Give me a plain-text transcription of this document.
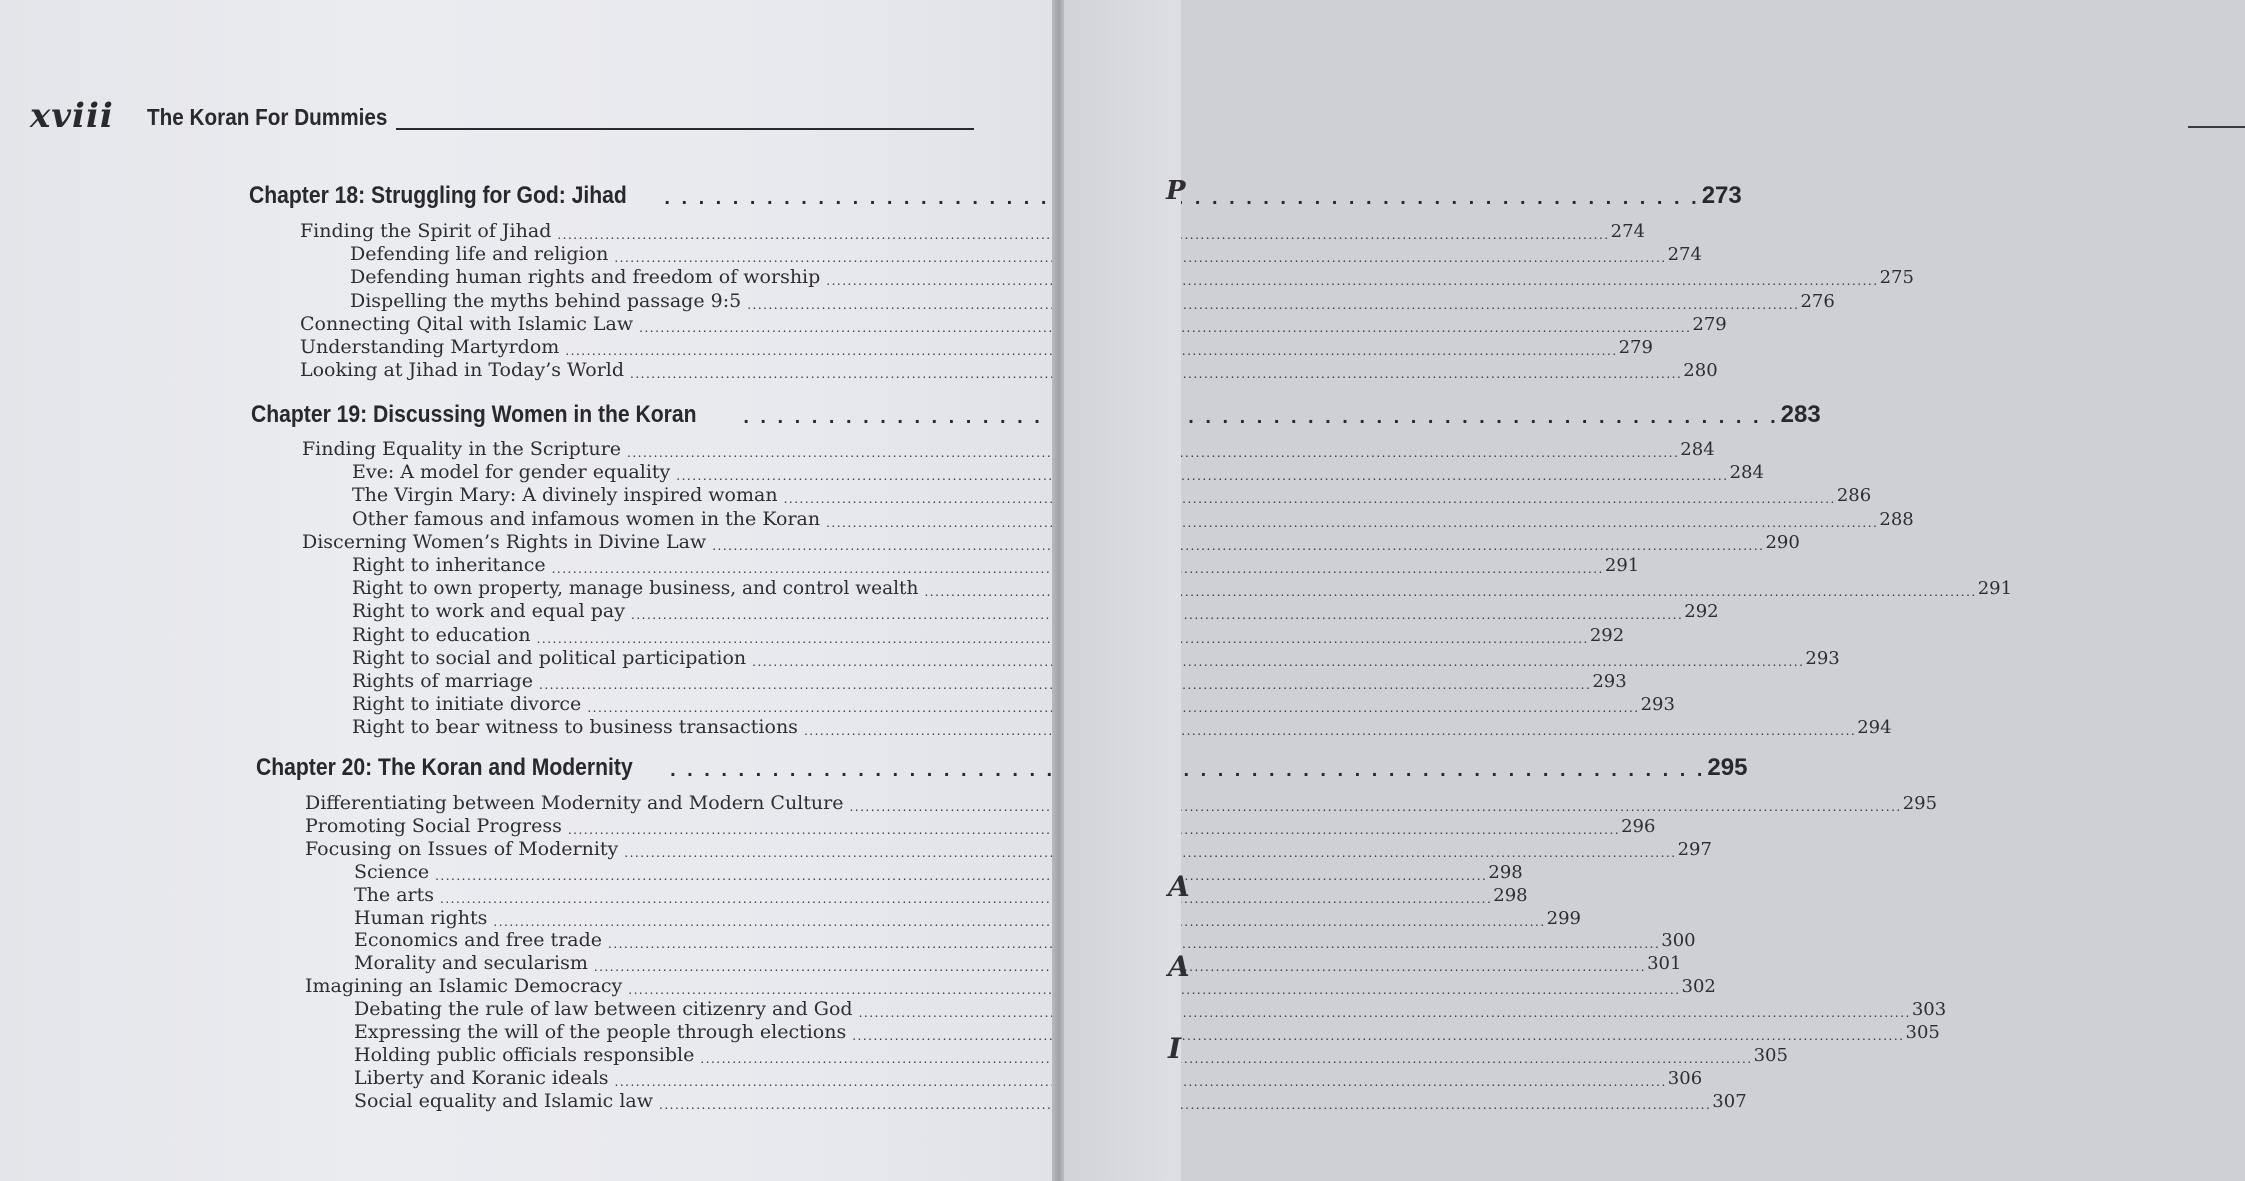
xviii The Koran For Dummies
Chapter 18: Struggling for God: Jihad . . .	273
Finding the Spirit of Jihad .....	274
Defending life and religion .....	274
Defending human rights and freedom of worship .....	275
Dispelling the myths behind passage 9:5 .....	276
Connecting Qital with Islamic Law .....	279
Understanding Martyrdom .....	279
Looking at Jihad in Today’s World .....	280
Chapter 19: Discussing Women in the Koran . . .	283
Finding Equality in the Scripture .....	284
Eve: A model for gender equality .....	284
The Virgin Mary: A divinely inspired woman .....	286
Other famous and infamous women in the Koran .....	288
Discerning Women’s Rights in Divine Law .....	290
Right to inheritance .....	291
Right to own property, manage business, and control wealth .....	291
Right to work and equal pay .....	292
Right to education .....	292
Right to social and political participation .....	293
Rights of marriage .....	293
Right to initiate divorce .....	293
Right to bear witness to business transactions .....	294
Chapter 20: The Koran and Modernity . . .	295
Differentiating between Modernity and Modern Culture .....	295
Promoting Social Progress .....	296
Focusing on Issues of Modernity .....	297
Science .....	298
The arts .....	298
Human rights .....	299
Economics and free trade .....	300
Morality and secularism .....	301
Imagining an Islamic Democracy .....	302
Debating the rule of law between citizenry and God .....	303
Expressing the will of the people through elections .....	305
Holding public officials responsible .....	305
Liberty and Koranic ideals .....	306
Social equality and Islamic law .....	307
P
A
A
I
